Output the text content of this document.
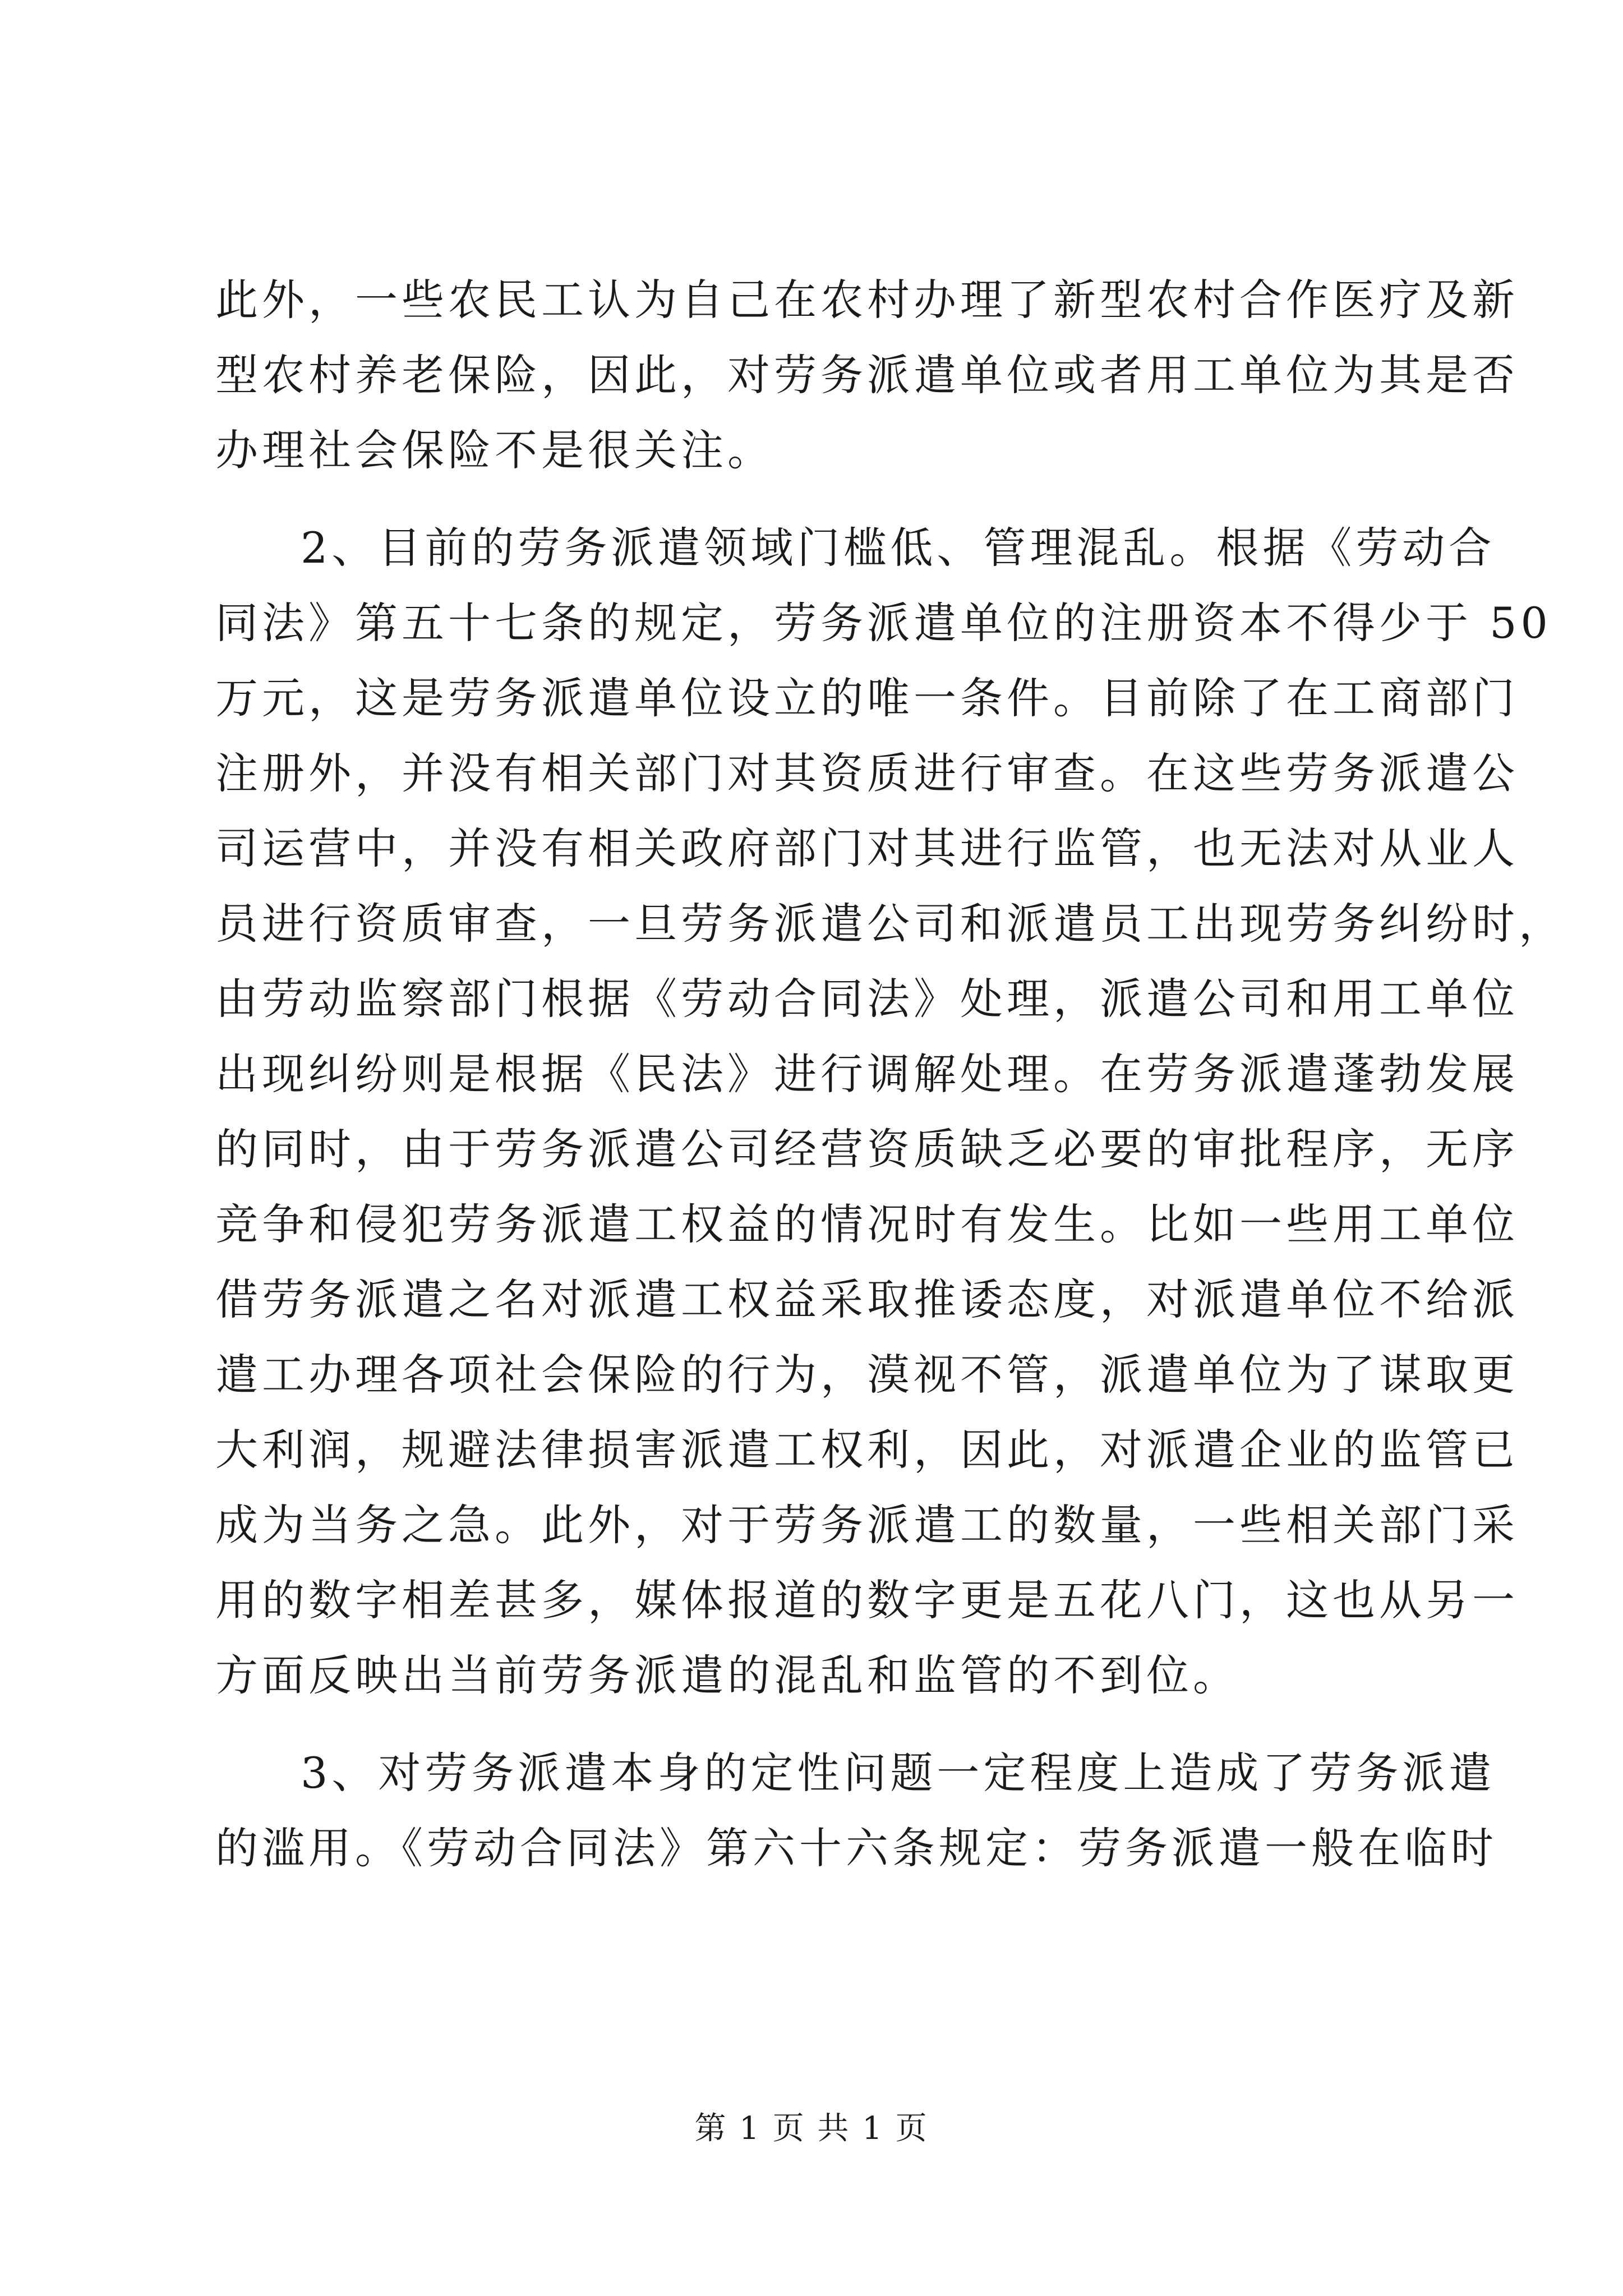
此外，一些农民工认为自己在农村办理了新型农村合作医疗及新
型农村养老保险，因此，对劳务派遣单位或者用工单位为其是否
办理社会保险不是很关注。

2、目前的劳务派遣领域门槛低、管理混乱。根据《劳动合
同法》第五十七条的规定，劳务派遣单位的注册资本不得少于 50
万元，这是劳务派遣单位设立的唯一条件。目前除了在工商部门
注册外，并没有相关部门对其资质进行审查。在这些劳务派遣公
司运营中，并没有相关政府部门对其进行监管，也无法对从业人
员进行资质审查，一旦劳务派遣公司和派遣员工出现劳务纠纷时，
由劳动监察部门根据《劳动合同法》处理，派遣公司和用工单位
出现纠纷则是根据《民法》进行调解处理。在劳务派遣蓬勃发展
的同时，由于劳务派遣公司经营资质缺乏必要的审批程序，无序
竞争和侵犯劳务派遣工权益的情况时有发生。比如一些用工单位
借劳务派遣之名对派遣工权益采取推诿态度，对派遣单位不给派
遣工办理各项社会保险的行为，漠视不管，派遣单位为了谋取更
大利润，规避法律损害派遣工权利，因此，对派遣企业的监管已
成为当务之急。此外，对于劳务派遣工的数量，一些相关部门采
用的数字相差甚多，媒体报道的数字更是五花八门，这也从另一
方面反映出当前劳务派遣的混乱和监管的不到位。

3、对劳务派遣本身的定性问题一定程度上造成了劳务派遣
的滥用。《劳动合同法》第六十六条规定：劳务派遣一般在临时

第 1 页 共 1 页
